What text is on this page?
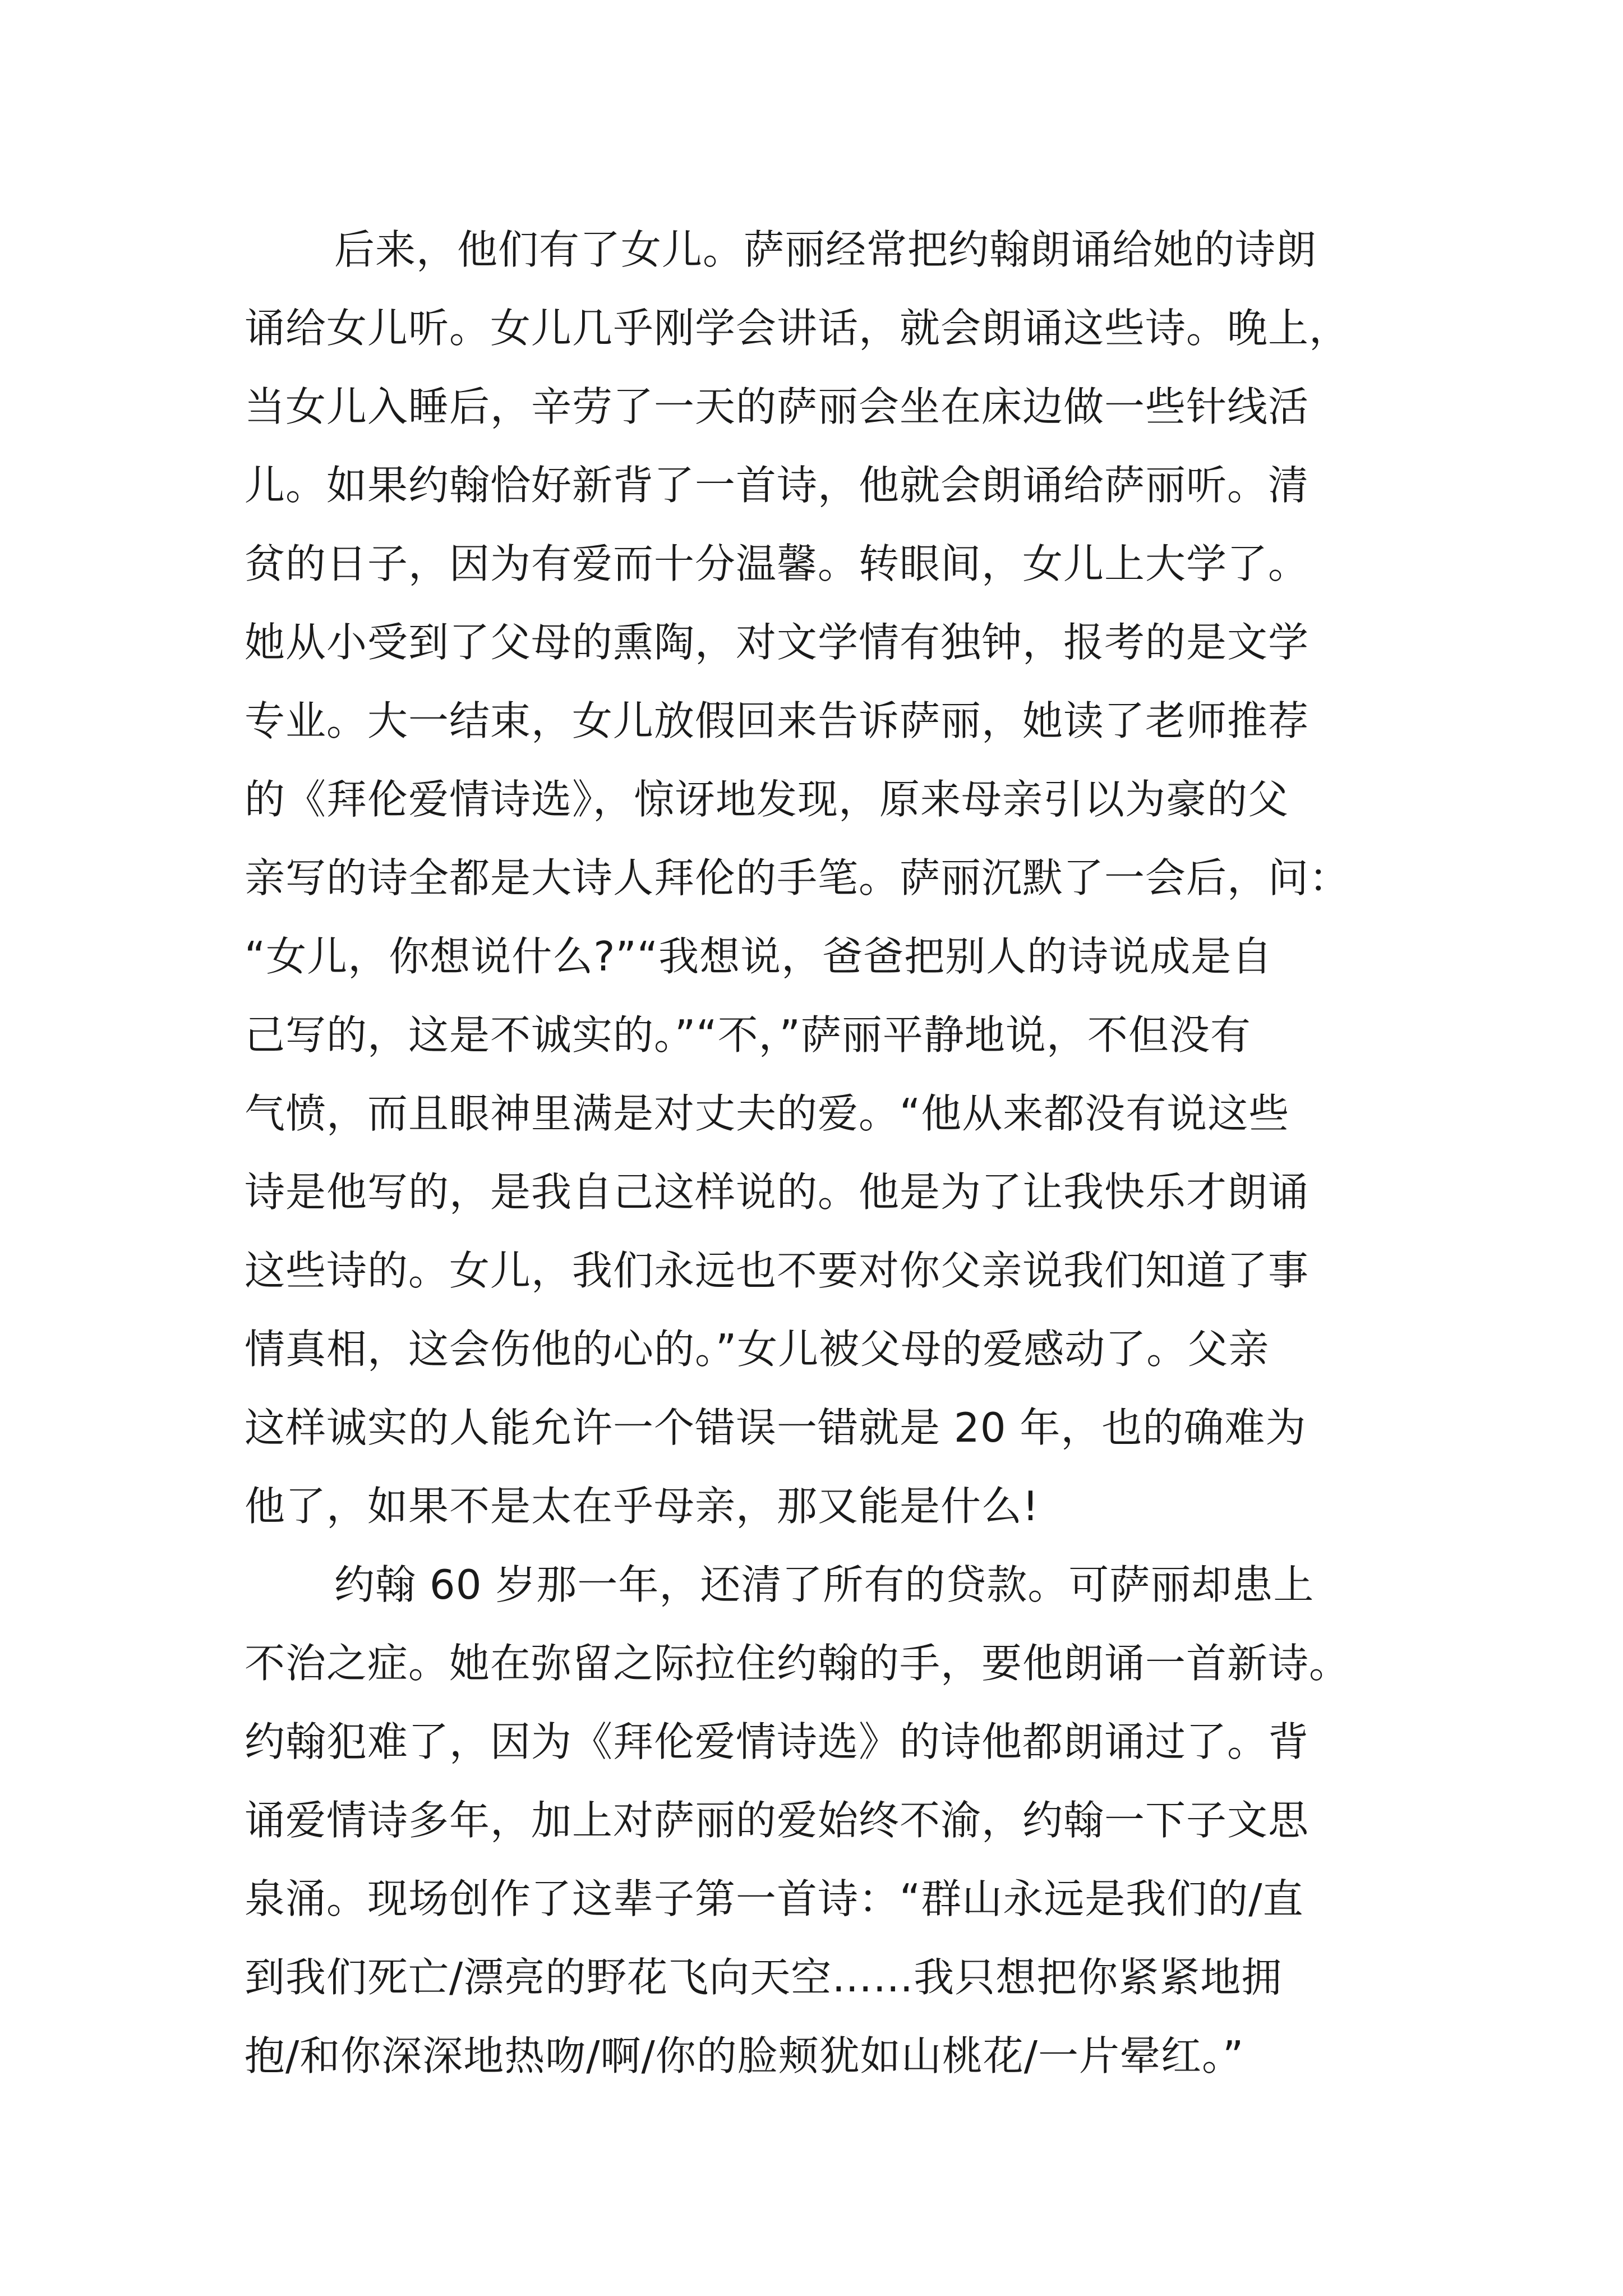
后来，他们有了女儿。萨丽经常把约翰朗诵给她的诗朗
诵给女儿听。女儿几乎刚学会讲话，就会朗诵这些诗。晚上，
当女儿入睡后，辛劳了一天的萨丽会坐在床边做一些针线活
儿。如果约翰恰好新背了一首诗，他就会朗诵给萨丽听。清
贫的日子，因为有爱而十分温馨。转眼间，女儿上大学了。
她从小受到了父母的熏陶，对文学情有独钟，报考的是文学
专业。大一结束，女儿放假回来告诉萨丽，她读了老师推荐
的《拜伦爱情诗选》，惊讶地发现，原来母亲引以为豪的父
亲写的诗全都是大诗人拜伦的手笔。萨丽沉默了一会后，问：
“女儿，你想说什么?”“我想说，爸爸把别人的诗说成是自
己写的，这是不诚实的。”“不，”萨丽平静地说，不但没有
气愤，而且眼神里满是对丈夫的爱。“他从来都没有说这些
诗是他写的，是我自己这样说的。他是为了让我快乐才朗诵
这些诗的。女儿，我们永远也不要对你父亲说我们知道了事
情真相，这会伤他的心的。”女儿被父母的爱感动了。父亲
这样诚实的人能允许一个错误一错就是 20 年，也的确难为
他了，如果不是太在乎母亲，那又能是什么!
约翰 60 岁那一年，还清了所有的贷款。可萨丽却患上
不治之症。她在弥留之际拉住约翰的手，要他朗诵一首新诗。
约翰犯难了，因为《拜伦爱情诗选》的诗他都朗诵过了。背
诵爱情诗多年，加上对萨丽的爱始终不渝，约翰一下子文思
泉涌。现场创作了这辈子第一首诗：“群山永远是我们的/直
到我们死亡/漂亮的野花飞向天空……我只想把你紧紧地拥
抱/和你深深地热吻/啊/你的脸颊犹如山桃花/一片晕红。”
